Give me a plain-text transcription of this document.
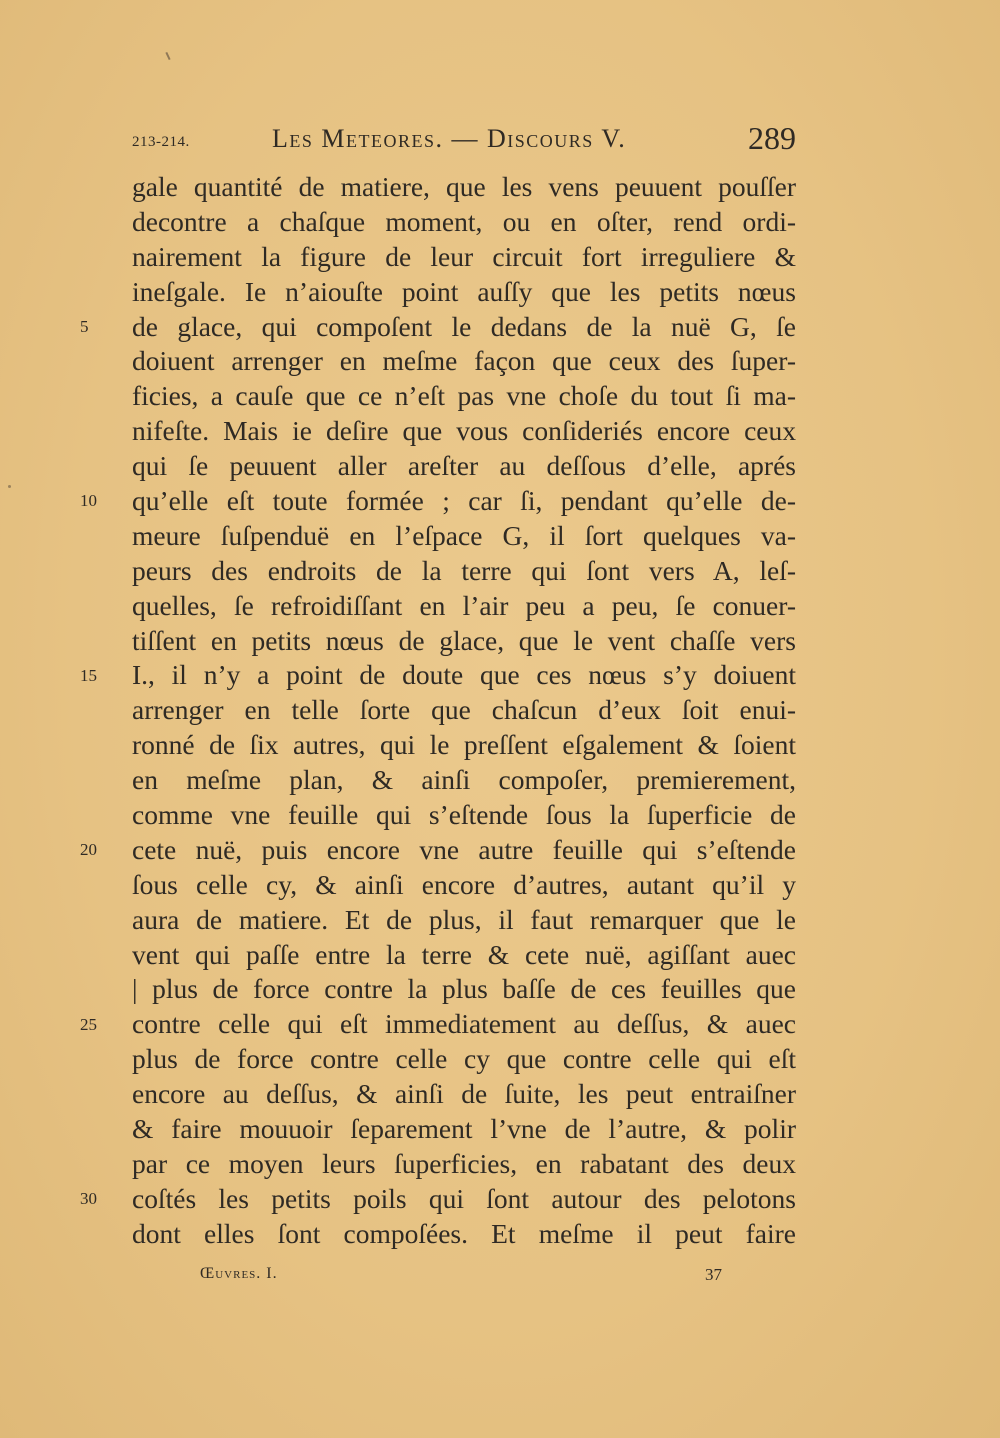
213-214.	Les Meteores. — Discours V.	289
5
10
15
20
25
30
gale quantité de matiere, que les vens peuuent pouſſer
decontre a chaſque moment, ou en oſter, rend ordi-
nairement la figure de leur circuit fort irreguliere &
ineſgale. Ie n’aiouſte point auſſy que les petits nœus
de glace, qui compoſent le dedans de la nuë G, ſe
doiuent arrenger en meſme façon que ceux des ſuper-
ficies, a cauſe que ce n’eſt pas vne choſe du tout ſi ma-
nifeſte. Mais ie deſire que vous conſideriés encore ceux
qui ſe peuuent aller areſter au deſſous d’elle, aprés
qu’elle eſt toute formée ; car ſi, pendant qu’elle de-
meure ſuſpenduë en l’eſpace G, il ſort quelques va-
peurs des endroits de la terre qui ſont vers A, leſ-
quelles, ſe refroidiſſant en l’air peu a peu, ſe conuer-
tiſſent en petits nœus de glace, que le vent chaſſe vers
I., il n’y a point de doute que ces nœus s’y doiuent
arrenger en telle ſorte que chaſcun d’eux ſoit enui-
ronné de ſix autres, qui le preſſent eſgalement & ſoient
en meſme plan, & ainſi compoſer, premierement,
comme vne feuille qui s’eſtende ſous la ſuperficie de
cete nuë, puis encore vne autre feuille qui s’eſtende
ſous celle cy, & ainſi encore d’autres, autant qu’il y
aura de matiere. Et de plus, il faut remarquer que le
vent qui paſſe entre la terre & cete nuë, agiſſant auec
| plus de force contre la plus baſſe de ces feuilles que
contre celle qui eſt immediatement au deſſus, & auec
plus de force contre celle cy que contre celle qui eſt
encore au deſſus, & ainſi de ſuite, les peut entraiſner
& faire mouuoir ſeparement l’vne de l’autre, & polir
par ce moyen leurs ſuperficies, en rabatant des deux
coſtés les petits poils qui ſont autour des pelotons
dont elles ſont compoſées. Et meſme il peut faire
Œuvres. I.	37
